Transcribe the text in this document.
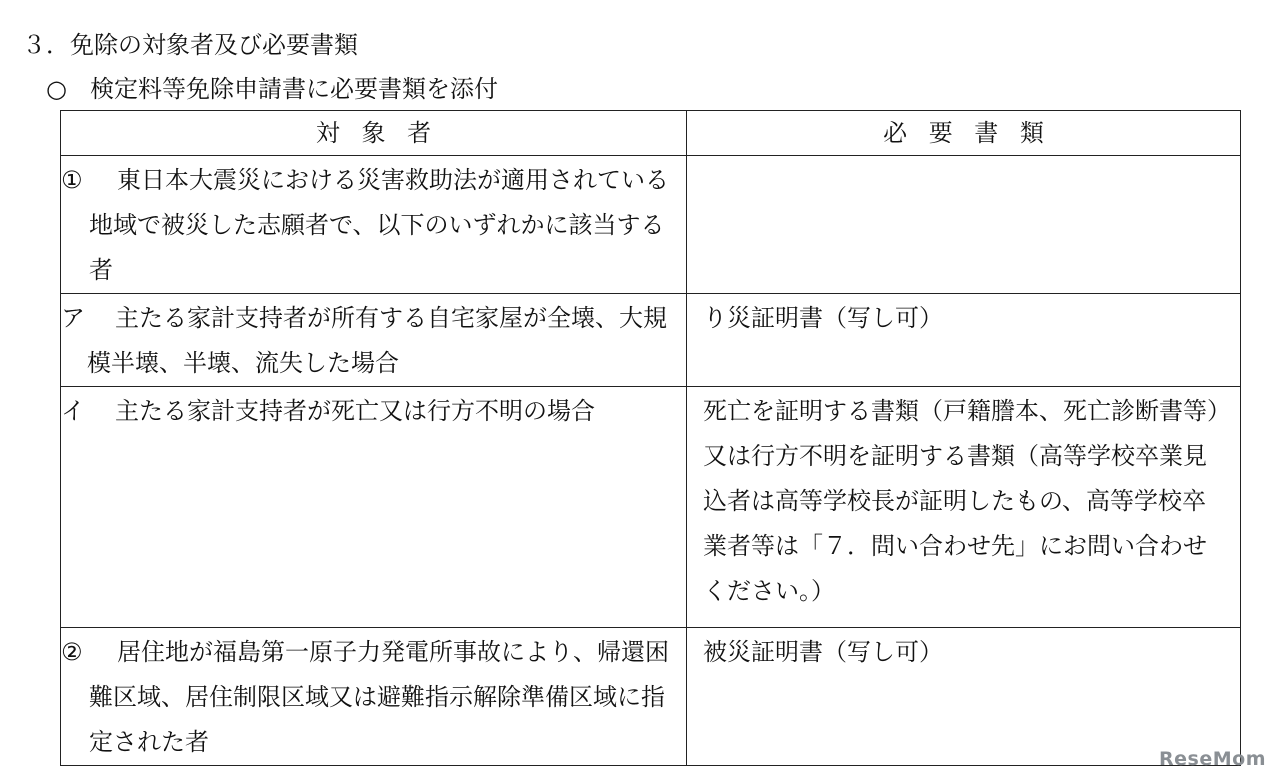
３．免除の対象者及び必要書類
○ 検定料等免除申請書に必要書類を添付
対象者	必要書類

① 東日本大震災における災害救助法が適用されている地域で被災した志願者で、以下のいずれかに該当する者	

ア 主たる家計支持者が所有する自宅家屋が全壊、大規模半壊、半壊、流失した場合	り災証明書（写し可）

イ 主たる家計支持者が死亡又は行方不明の場合	死亡を証明する書類（戸籍謄本、死亡診断書等）又は行方不明を証明する書類（高等学校卒業見込者は高等学校長が証明したもの、高等学校卒業者等は「７．問い合わせ先」にお問い合わせください。）

② 居住地が福島第一原子力発電所事故により、帰還困難区域、居住制限区域又は避難指示解除準備区域に指定された者	被災証明書（写し可）
ReseMom
